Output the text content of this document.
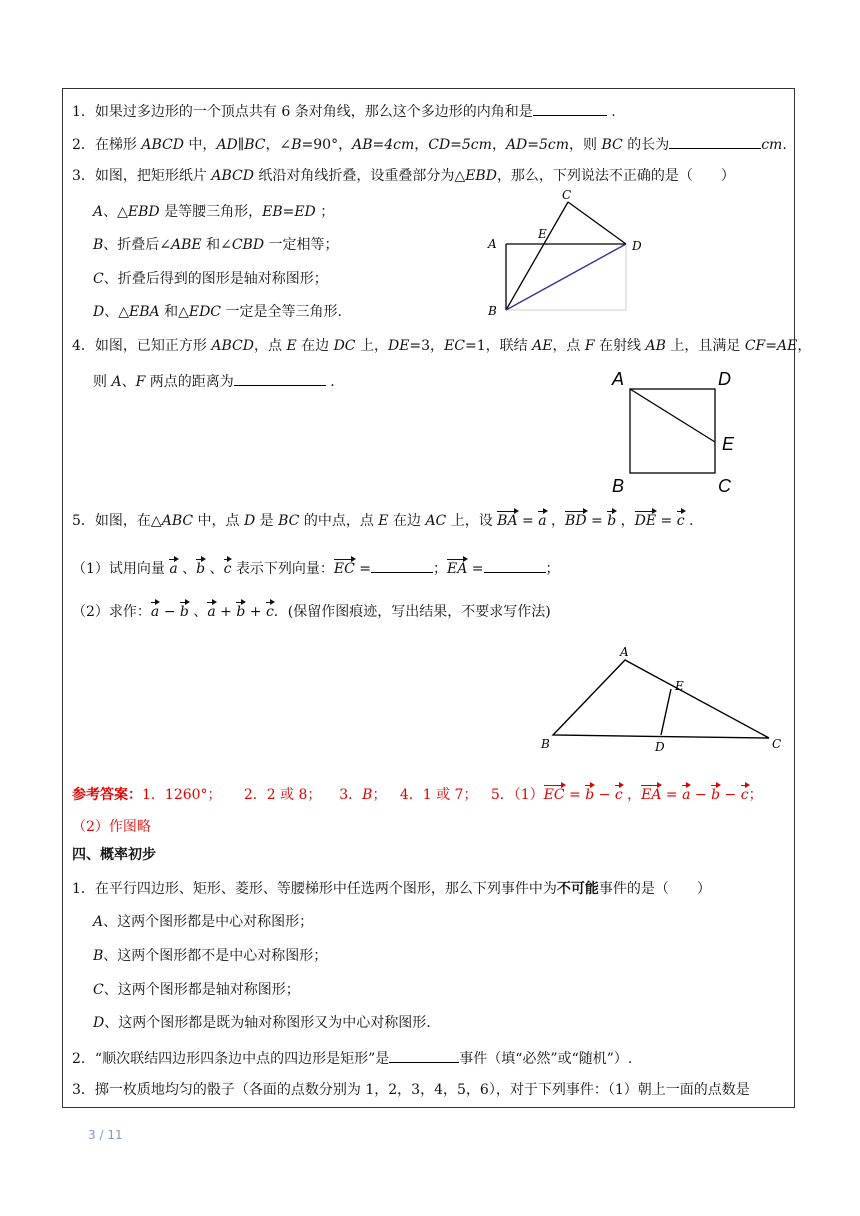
1．如果过多边形的一个顶点共有 6 条对角线，那么这个多边形的内角和是	.
2．在梯形 ABCD 中，AD∥BC，∠B=90°，AB=4cm，CD=5cm，AD=5cm，则 BC 的长为	cm.
3．如图，把矩形纸片 ABCD 纸沿对角线折叠，设重叠部分为△EBD，那么，下列说法不正确的是（　　）
A、△EBD 是等腰三角形，EB=ED ；
B、折叠后∠ABE 和∠CBD 一定相等；
C、折叠后得到的图形是轴对称图形；
D、△EBA 和△EDC 一定是全等三角形.
A
B
C
D
E
4．如图，已知正方形 ABCD，点 E 在边 DC 上，DE=3，EC=1，联结 AE，点 F 在射线 AB 上，且满足 CF=AE，
则 A、F 两点的距离为	.	A	D
E
B	C
5．如图，在△ABC 中，点 D 是 BC 的中点，点 E 在边 AC 上，设 BA = a ，BD = b ，DE = c .
（1）试用向量 a 、b 、c 表示下列向量：EC =	；EA =	；
（2）求作：a − b 、a + b + c．(保留作图痕迹，写出结果，不要求写作法)
A
B	C
D
E
参考答案：1．1260°； 2．2 或 8； 3．B； 4．1 或 7； 5．（1）EC = b − c ，EA = a − b − c；
（2）作图略
四、概率初步
1．在平行四边形、矩形、菱形、等腰梯形中任选两个图形，那么下列事件中为不可能事件的是（　　）
A、这两个图形都是中心对称图形；
B、这两个图形都不是中心对称图形；
C、这两个图形都是轴对称图形；
D、这两个图形都是既为轴对称图形又为中心对称图形.
2．“顺次联结四边形四条边中点的四边形是矩形”是	事件（填“必然”或“随机”）.
3．掷一枚质地均匀的骰子（各面的点数分别为 1，2，3，4，5，6），对于下列事件：（1）朝上一面的点数是
3 / 11
